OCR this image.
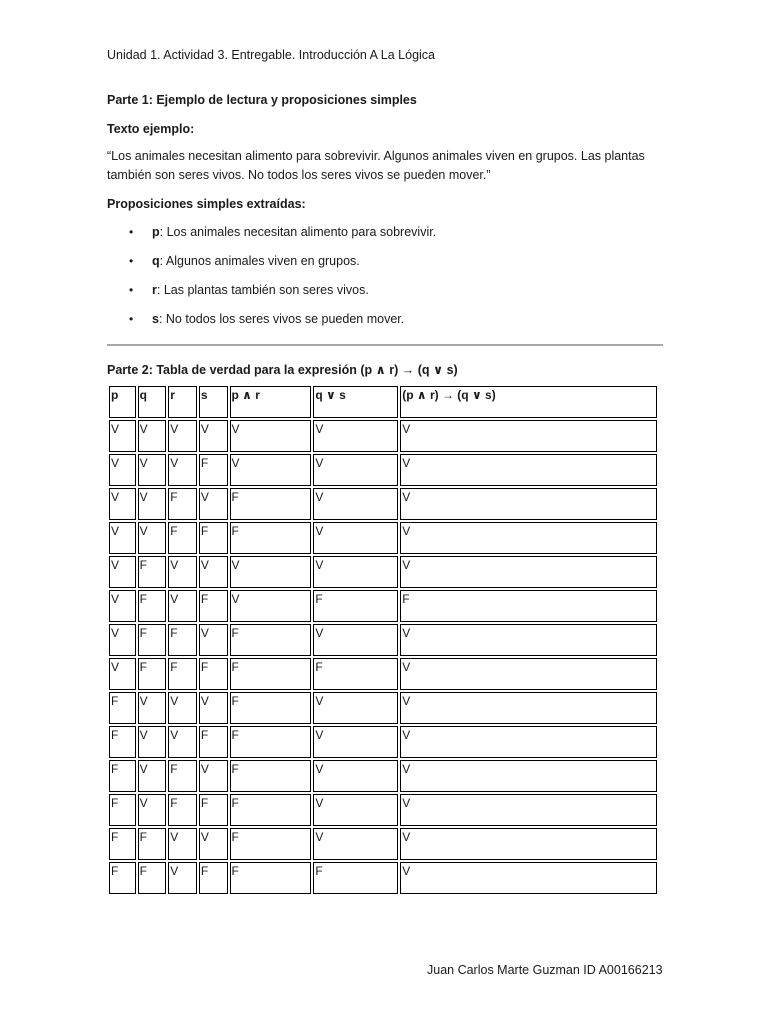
Unidad 1. Actividad 3. Entregable. Introducción A La Lógica

Parte 1: Ejemplo de lectura y proposiciones simples

Texto ejemplo:

“Los animales necesitan alimento para sobrevivir. Algunos animales viven en grupos. Las plantas también son seres vivos. No todos los seres vivos se pueden mover.”

Proposiciones simples extraídas:

• p: Los animales necesitan alimento para sobrevivir.
• q: Algunos animales viven en grupos.
• r: Las plantas también son seres vivos.
• s: No todos los seres vivos se pueden mover.

Parte 2: Tabla de verdad para la expresión (p ∧ r) → (q ∨ s)

p	q	r	s	p ∧ r	q ∨ s	(p ∧ r) → (q ∨ s)
V	V	V	V	V	V	V
V	V	V	F	V	V	V
V	V	F	V	F	V	V
V	V	F	F	F	V	V
V	F	V	V	V	V	V
V	F	V	F	V	F	F
V	F	F	V	F	V	V
V	F	F	F	F	F	V
F	V	V	V	F	V	V
F	V	V	F	F	V	V
F	V	F	V	F	V	V
F	V	F	F	F	V	V
F	F	V	V	F	V	V
F	F	V	F	F	F	V
Juan Carlos Marte Guzman ID A00166213
